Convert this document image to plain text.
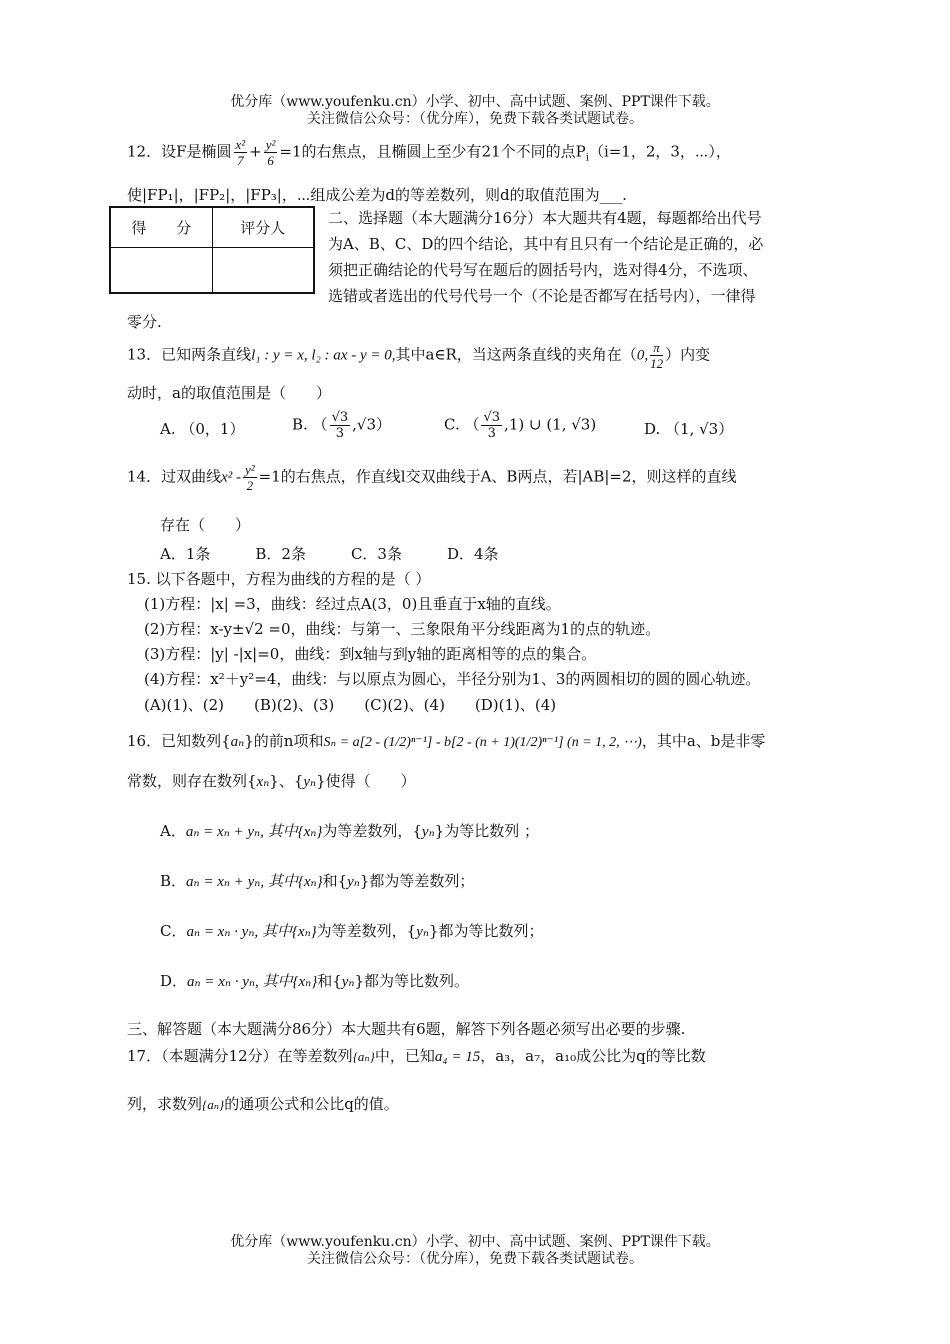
优分库（www.youfenku.cn）小学、初中、高中试题、案例、PPT课件下载。
关注微信公众号：（优分库），免费下载各类试题试卷。
12．设F是椭圆 $\frac{\text{x²}}{7} + \frac{\text{y²}}{6} =1$的右焦点，且椭圆上至少有21个不同的点$P_i(i=1$，2，3，⋯），
使|FP₁|，|FP₂|，|FP₃|，⋯组成公差为d的等差数列，则d的取值范围为___.
得　　分	评分人

二、选择题（本大题满分16分）本大题共有4题，每题都给出代号
为A、B、C、D的四个结论，其中有且只有一个结论是正确的，必
须把正确结论的代号写在题后的圆括号内，选对得4分，不选项、
选错或者选出的代号代号一个（不论是否都写在括号内），一律得
零分.
13．已知两条直线l₁ : y = x, l₂ : ax - y = 0,其中a∈R，当这两条直线的夹角在（0, $\frac{\pi}{12}$ ）内变
动时，a的取值范围是（　　）
A. （0，1）	B. （ $\frac{√3}{3} ,√3$）	C. （ $\frac{√3}{3} ,1$) ∪ (1, √3)	D. （1, √3）
14．过双曲线$x^2 - \frac{\text{y²}}{2} =1$的右焦点，作直线l交双曲线于A、B两点，若|AB|=2，则这样的直线
存在（　　）
A．1条　　　B．2条　　　C．3条　　　D．4条
15. 以下各题中，方程为曲线的方程的是（ ）
(1)方程：|x| =3，曲线：经过点A(3，0)且垂直于x轴的直线。
(2)方程：x-y±√2 =0，曲线：与第一、三象限角平分线距离为1的点的轨迹。
(3)方程：|y| -|x|=0，曲线：到x轴与到y轴的距离相等的点的集合。
(4)方程：x²＋y²=4，曲线：与以原点为圆心，半径分别为1、3的两圆相切的圆的圆心轨迹。
(A)(1)、(2)　　(B)(2)、(3)　　(C)(2)、(4)　　(D)(1)、(4)
16．已知数列{aₙ}的前n项和Sₙ = a[2 - (1/2)ⁿ⁻¹] - b[2 - (n + 1)(1/2)ⁿ⁻¹] (n = 1, 2, ⋯)，其中a、b是非零
常数，则存在数列{xₙ}、{yₙ}使得（　　）
A．aₙ = xₙ + yₙ, 其中{xₙ}为等差数列，{yₙ}为等比数列 ；
B．aₙ = xₙ + yₙ, 其中{xₙ}和{yₙ}都为等差数列；
C．aₙ = xₙ · yₙ, 其中{xₙ}为等差数列，{yₙ}都为等比数列；
D．aₙ = xₙ · yₙ, 其中{xₙ}和{yₙ}都为等比数列。
三、解答题（本大题满分86分）本大题共有6题，解答下列各题必须写出必要的步骤.
17．（本题满分12分）在等差数列{aₙ}中，已知a₄ = 15，a₃，a₇，a₁₀成公比为q的等比数
列，求数列{aₙ}的通项公式和公比q的值。
优分库（www.youfenku.cn）小学、初中、高中试题、案例、PPT课件下载。
关注微信公众号：（优分库），免费下载各类试题试卷。
